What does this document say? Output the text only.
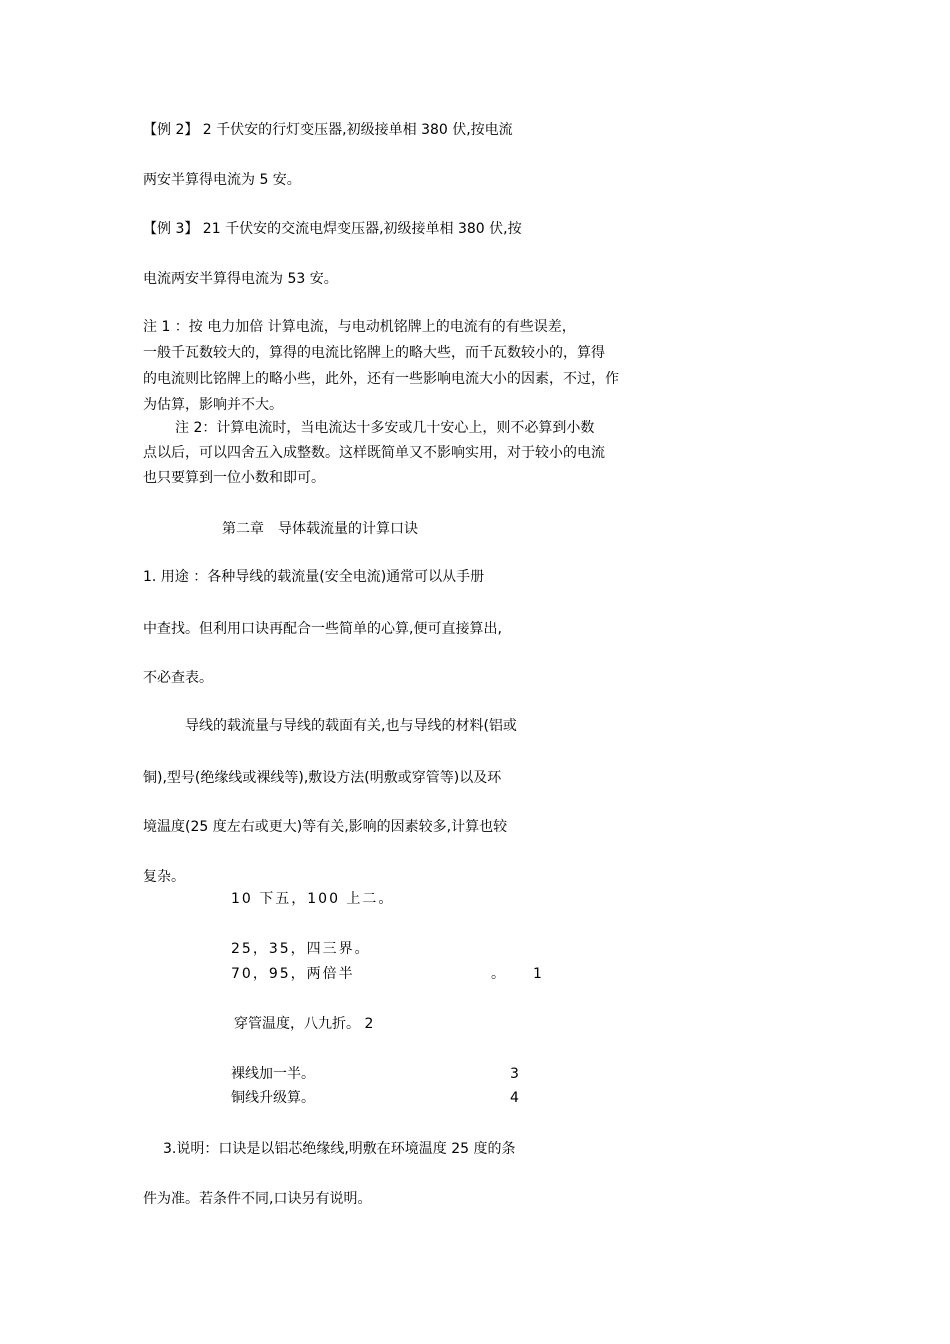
【例 2】 2 千伏安的行灯变压器,初级接单相 380 伏,按电流
两安半算得电流为 5 安。
【例 3】 21 千伏安的交流电焊变压器,初级接单相 380 伏,按
电流两安半算得电流为 53 安。
注 1 ：按 电力加倍 计算电流，与电动机铭牌上的电流有的有些误差，
一般千瓦数较大的，算得的电流比铭牌上的略大些，而千瓦数较小的，算得
的电流则比铭牌上的略小些，此外，还有一些影响电流大小的因素，不过，作
为估算，影响并不大。
注 2：计算电流时，当电流达十多安或几十安心上，则不必算到小数
点以后，可以四舍五入成整数。这样既简单又不影响实用，对于较小的电流
也只要算到一位小数和即可。
第二章　导体载流量的计算口诀
1. 用途 ：各种导线的载流量(安全电流)通常可以从手册
中查找。但利用口诀再配合一些简单的心算,便可直接算出,
不必查表。
导线的载流量与导线的载面有关,也与导线的材料(铝或
铜),型号(绝缘线或裸线等),敷设方法(明敷或穿管等)以及环
境温度(25 度左右或更大)等有关,影响的因素较多,计算也较
复杂。
10 下五，100 上二。
25，35，四三界。
70，95，两倍半	。 1
穿管温度，八九折。 2
裸线加一半。	3
铜线升级算。	4
3.说明：口诀是以铝芯绝缘线,明敷在环境温度 25 度的条
件为准。若条件不同,口诀另有说明。
